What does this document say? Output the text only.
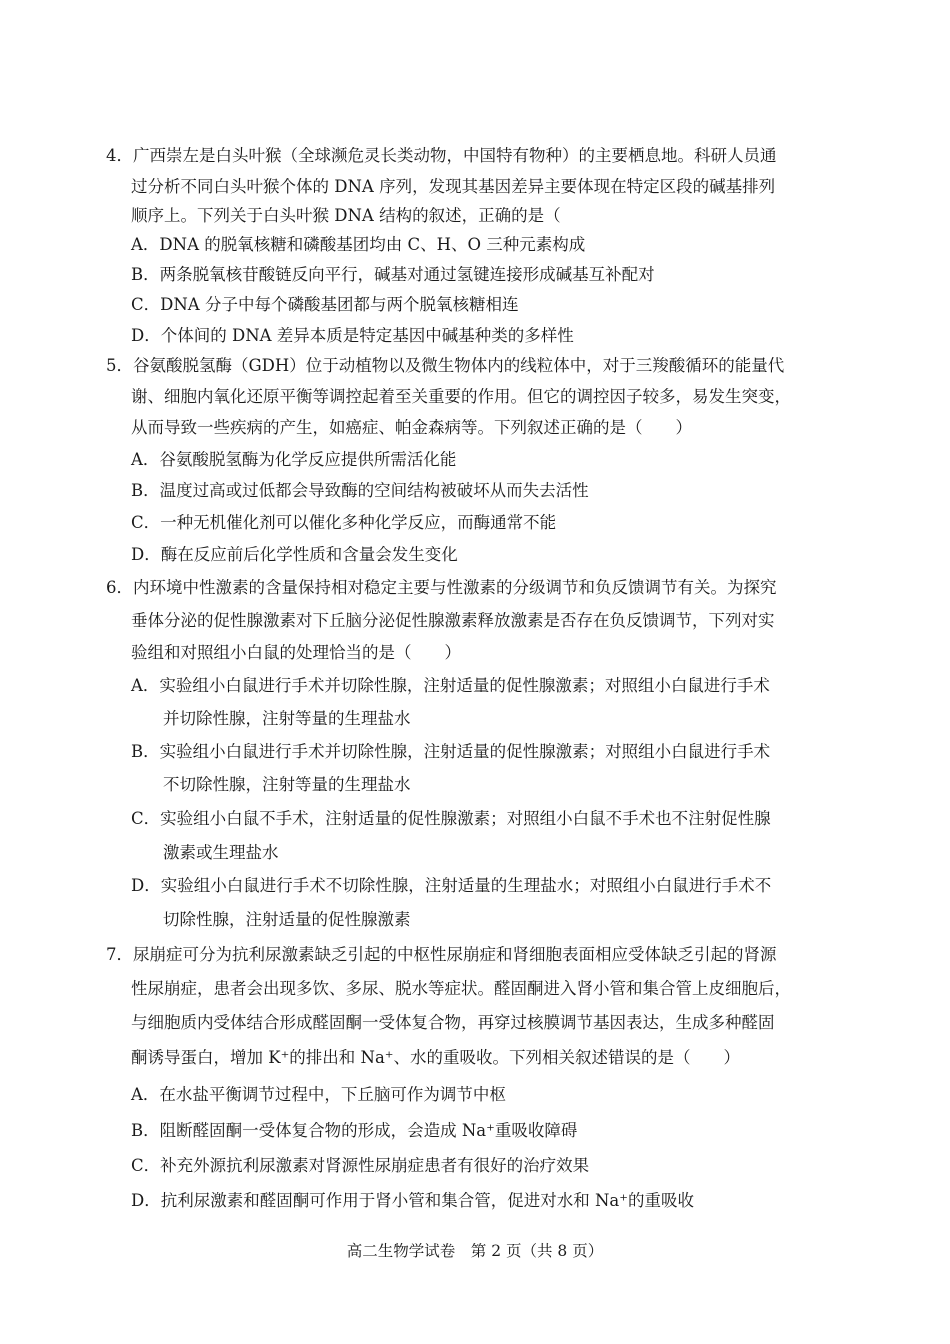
4．广西崇左是白头叶猴（全球濒危灵长类动物，中国特有物种）的主要栖息地。科研人员通
过分析不同白头叶猴个体的 DNA 序列，发现其基因差异主要体现在特定区段的碱基排列
顺序上。下列关于白头叶猴 DNA 结构的叙述，正确的是（
A．DNA 的脱氧核糖和磷酸基团均由 C、H、O 三种元素构成
B．两条脱氧核苷酸链反向平行，碱基对通过氢键连接形成碱基互补配对
C．DNA 分子中每个磷酸基团都与两个脱氧核糖相连
D．个体间的 DNA 差异本质是特定基因中碱基种类的多样性
5．谷氨酸脱氢酶（GDH）位于动植物以及微生物体内的线粒体中，对于三羧酸循环的能量代
谢、细胞内氧化还原平衡等调控起着至关重要的作用。但它的调控因子较多，易发生突变，
从而导致一些疾病的产生，如癌症、帕金森病等。下列叙述正确的是（　　）
A．谷氨酸脱氢酶为化学反应提供所需活化能
B．温度过高或过低都会导致酶的空间结构被破坏从而失去活性
C．一种无机催化剂可以催化多种化学反应，而酶通常不能
D．酶在反应前后化学性质和含量会发生变化
6．内环境中性激素的含量保持相对稳定主要与性激素的分级调节和负反馈调节有关。为探究
垂体分泌的促性腺激素对下丘脑分泌促性腺激素释放激素是否存在负反馈调节，下列对实
验组和对照组小白鼠的处理恰当的是（　　）
A．实验组小白鼠进行手术并切除性腺，注射适量的促性腺激素；对照组小白鼠进行手术
并切除性腺，注射等量的生理盐水
B．实验组小白鼠进行手术并切除性腺，注射适量的促性腺激素；对照组小白鼠进行手术
不切除性腺，注射等量的生理盐水
C．实验组小白鼠不手术，注射适量的促性腺激素；对照组小白鼠不手术也不注射促性腺
激素或生理盐水
D．实验组小白鼠进行手术不切除性腺，注射适量的生理盐水；对照组小白鼠进行手术不
切除性腺，注射适量的促性腺激素
7．尿崩症可分为抗利尿激素缺乏引起的中枢性尿崩症和肾细胞表面相应受体缺乏引起的肾源
性尿崩症，患者会出现多饮、多尿、脱水等症状。醛固酮进入肾小管和集合管上皮细胞后，
与细胞质内受体结合形成醛固酮一受体复合物，再穿过核膜调节基因表达，生成多种醛固
酮诱导蛋白，增加 K⁺的排出和 Na⁺、水的重吸收。下列相关叙述错误的是（　　）
A．在水盐平衡调节过程中，下丘脑可作为调节中枢
B．阻断醛固酮一受体复合物的形成，会造成 Na⁺重吸收障碍
C．补充外源抗利尿激素对肾源性尿崩症患者有很好的治疗效果
D．抗利尿激素和醛固酮可作用于肾小管和集合管，促进对水和 Na⁺的重吸收
高二生物学试卷　第 2 页（共 8 页）
